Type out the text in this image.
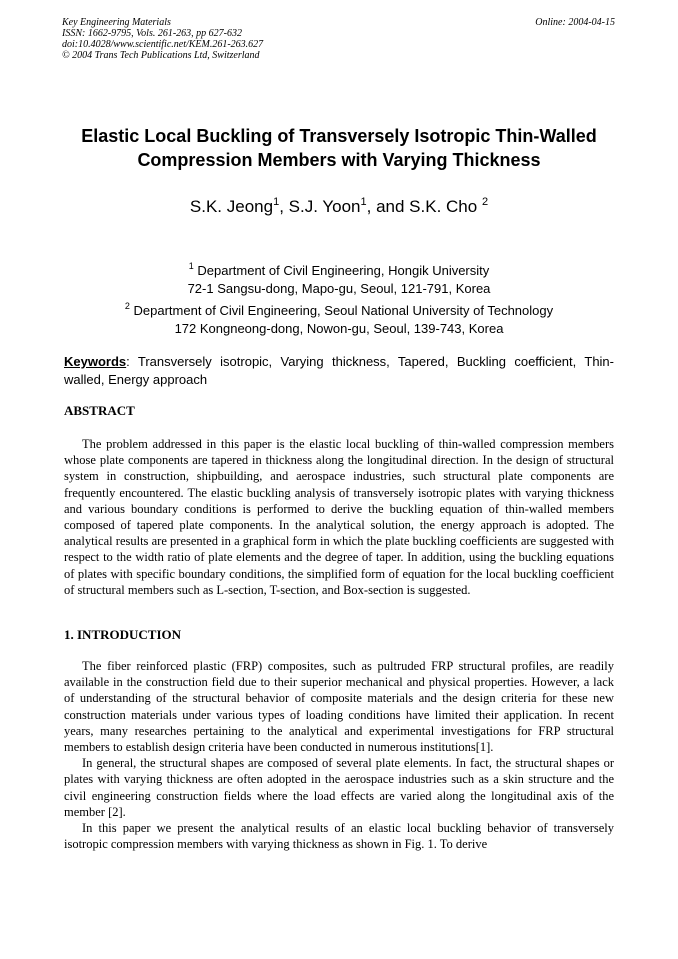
Key Engineering Materials
ISSN: 1662-9795, Vols. 261-263, pp 627-632
doi:10.4028/www.scientific.net/KEM.261-263.627
© 2004 Trans Tech Publications Ltd, Switzerland
Online: 2004-04-15
Elastic Local Buckling of Transversely Isotropic Thin-Walled
Compression Members with Varying Thickness
S.K. Jeong$^1$, S.J. Yoon$^1$, and S.K. Cho $^2$
$^1$ Department of Civil Engineering, Hongik University
72-1 Sangsu-dong, Mapo-gu, Seoul, 121-791, Korea
$^2$ Department of Civil Engineering, Seoul National University of Technology
172 Kongneong-dong, Nowon-gu, Seoul, 139-743, Korea
Keywords: Transversely isotropic, Varying thickness, Tapered, Buckling coefficient, Thin-walled, Energy approach
ABSTRACT

The problem addressed in this paper is the elastic local buckling of thin-walled compression members whose plate components are tapered in thickness along the longitudinal direction. In the design of structural system in construction, shipbuilding, and aerospace industries, such structural plate components are frequently encountered. The elastic buckling analysis of transversely isotropic plates with varying thickness and various boundary conditions is performed to derive the buckling equation of thin-walled members composed of tapered plate components. In the analytical solution, the energy approach is adopted. The analytical results are presented in a graphical form in which the plate buckling coefficients are suggested with respect to the width ratio of plate elements and the degree of taper. In addition, using the buckling equations of plates with specific boundary conditions, the simplified form of equation for the local buckling coefficient of structural members such as L-section, T-section, and Box-section is suggested.

1. INTRODUCTION

The fiber reinforced plastic (FRP) composites, such as pultruded FRP structural profiles, are readily available in the construction field due to their superior mechanical and physical properties. However, a lack of understanding of the structural behavior of composite materials and the design criteria for these new construction materials under various types of loading conditions have limited their application. In recent years, many researches pertaining to the analytical and experimental investigations for FRP structural members to establish design criteria have been conducted in numerous institutions[1].

In general, the structural shapes are composed of several plate elements. In fact, the structural shapes or plates with varying thickness are often adopted in the aerospace industries such as a skin structure and the civil engineering construction fields where the load effects are varied along the longitudinal axis of the member [2].

In this paper we present the analytical results of an elastic local buckling behavior of transversely isotropic compression members with varying thickness as shown in Fig. 1. To derive
